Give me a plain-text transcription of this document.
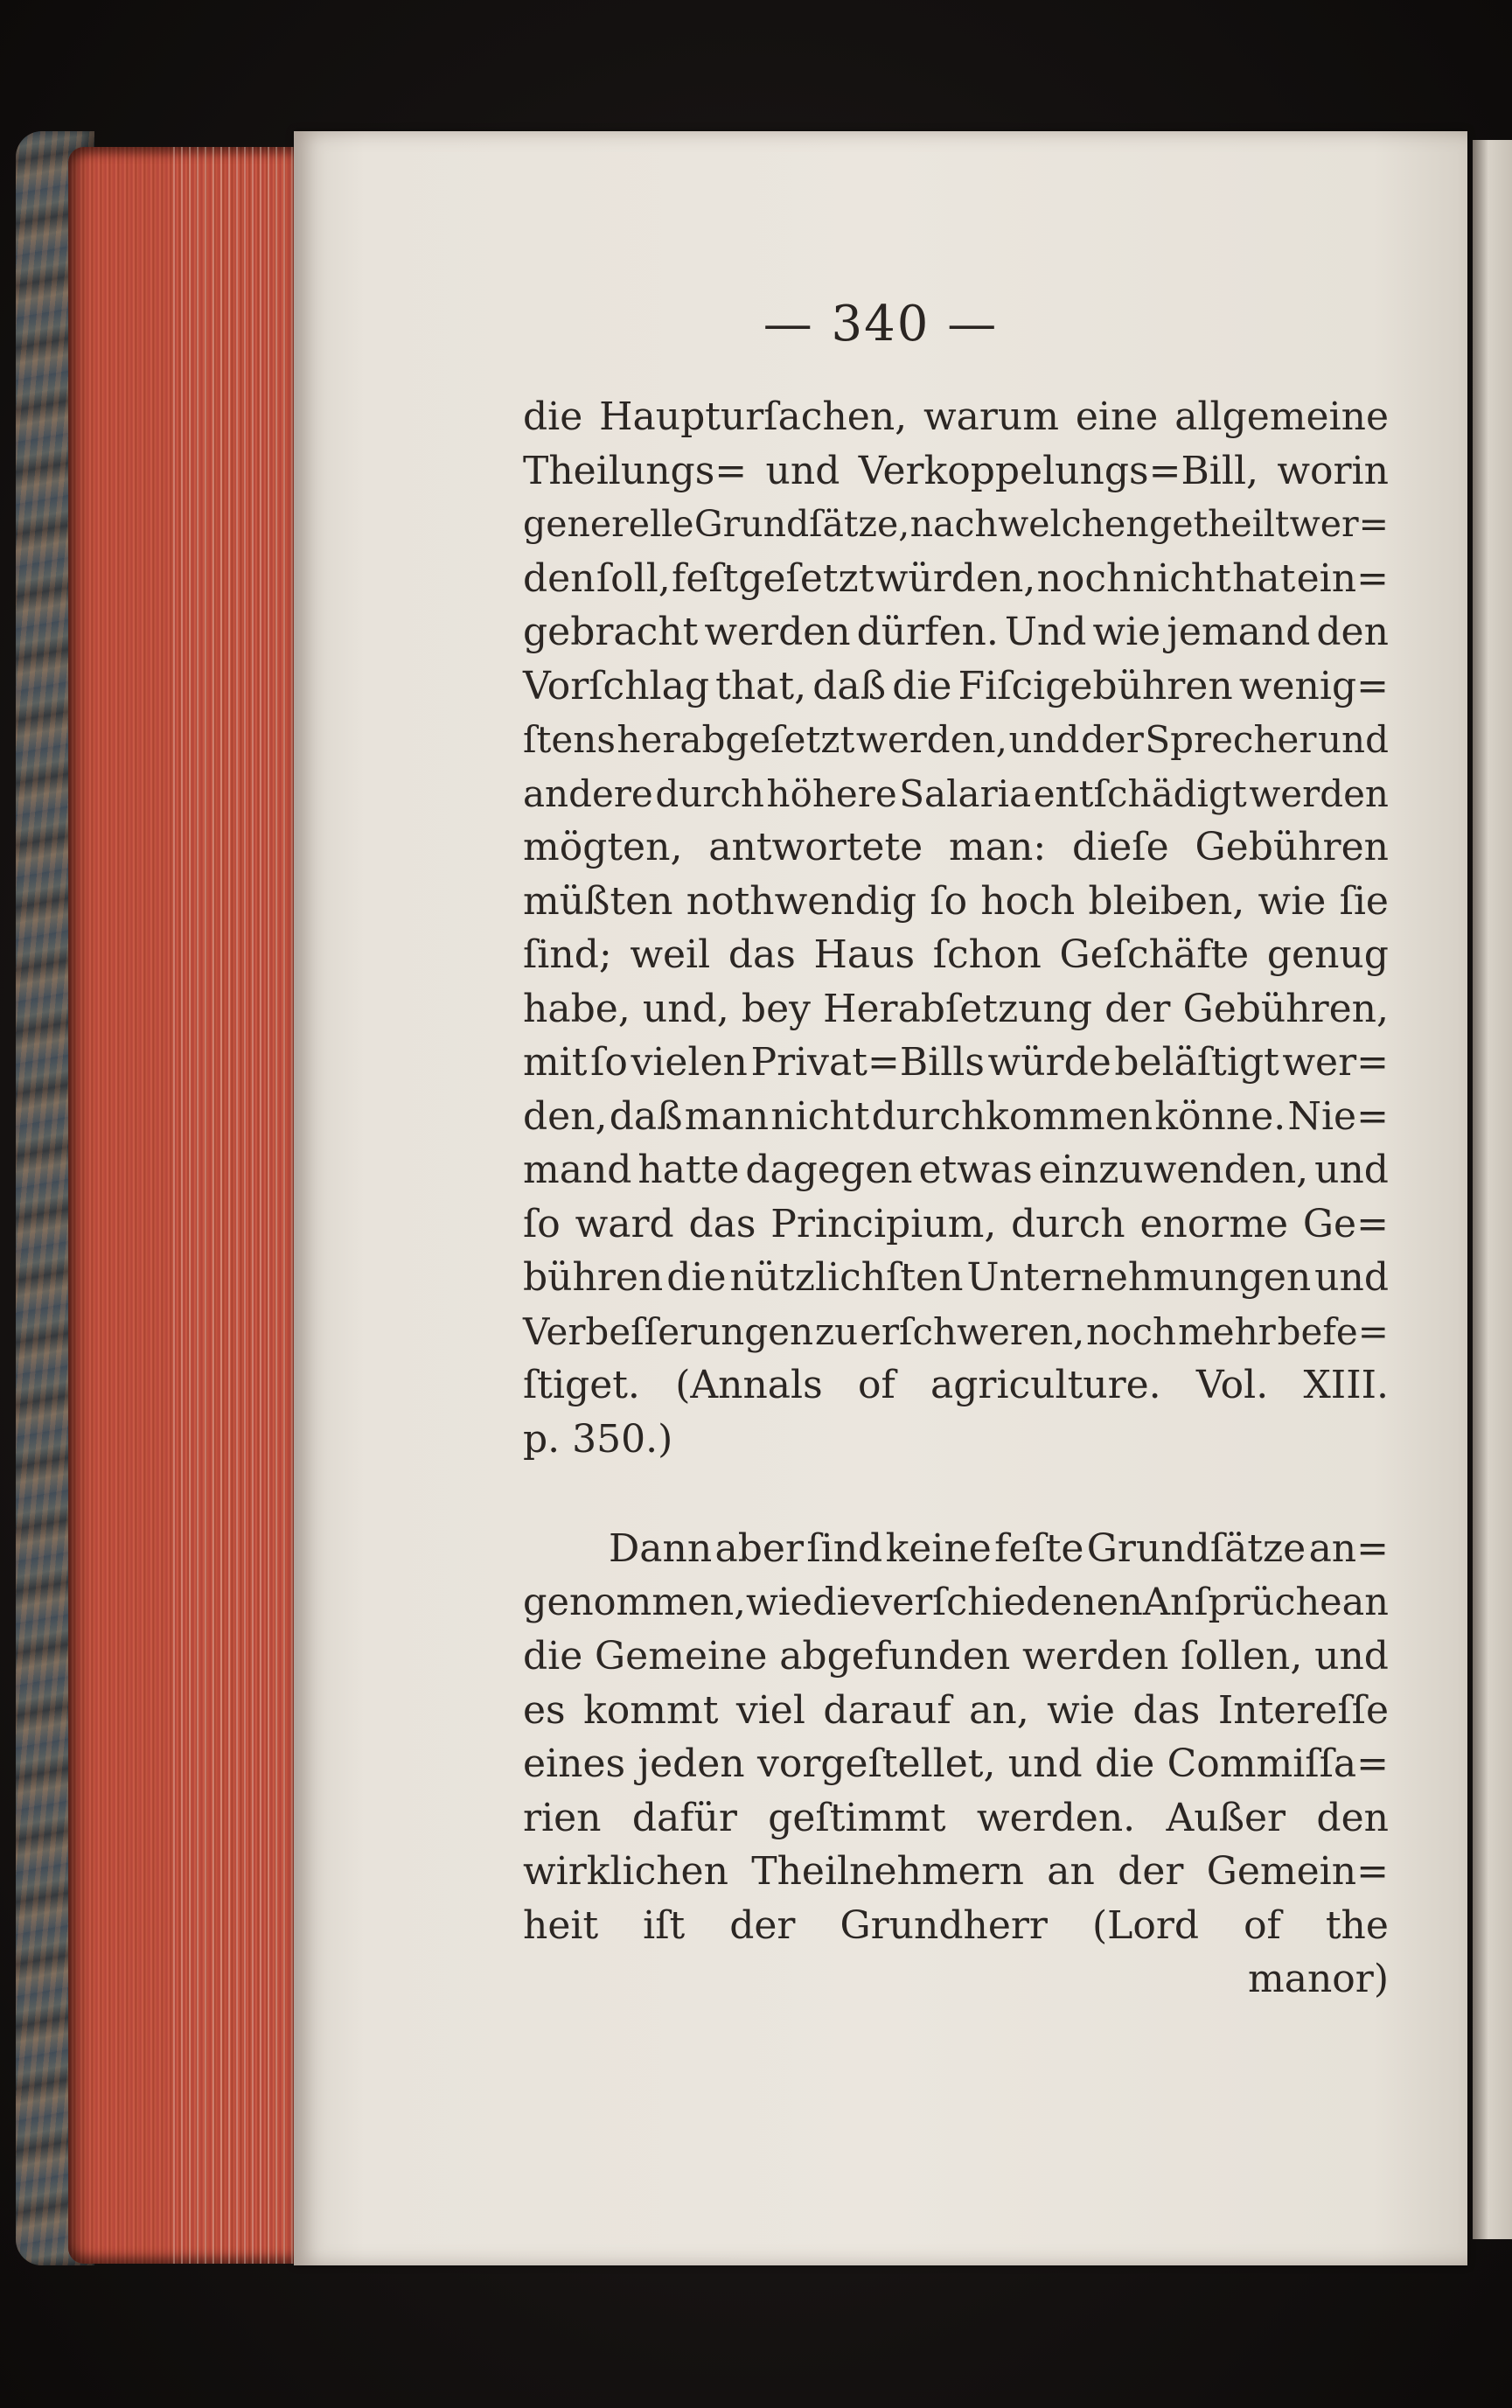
— 340 —
die Haupturſachen, warum eine allgemeine
Theilungs= und Verkoppelungs=Bill, worin
generelle Grundſätze, nach welchen getheilt wer=
den ſoll, feſtgeſetzt würden, noch nicht hat ein=
gebracht werden dürfen. Und wie jemand den
Vorſchlag that, daß die Fiſcigebühren wenig=
ſtens herabgeſetzt werden, und der Sprecher und
andere durch höhere Salaria entſchädigt werden
mögten, antwortete man: dieſe Gebühren
müßten nothwendig ſo hoch bleiben, wie ſie
ſind; weil das Haus ſchon Geſchäfte genug
habe, und, bey Herabſetzung der Gebühren,
mit ſo vielen Privat=Bills würde beläſtigt wer=
den, daß man nicht durchkommen könne. Nie=
mand hatte dagegen etwas einzuwenden, und
ſo ward das Principium, durch enorme Ge=
bühren die nützlichſten Unternehmungen und
Verbeſſerungen zu erſchweren, noch mehr befe=
ſtiget. (Annals of agriculture. Vol. XIII.
p. 350.)
Dann aber ſind keine feſte Grundſätze an=
genommen, wie die verſchiedenen Anſprüche an
die Gemeine abgefunden werden ſollen, und
es kommt viel darauf an, wie das Intereſſe
eines jeden vorgeſtellet, und die Commiſſa=
rien dafür geſtimmt werden. Außer den
wirklichen Theilnehmern an der Gemein=
heit iſt der Grundherr (Lord of the
manor)
